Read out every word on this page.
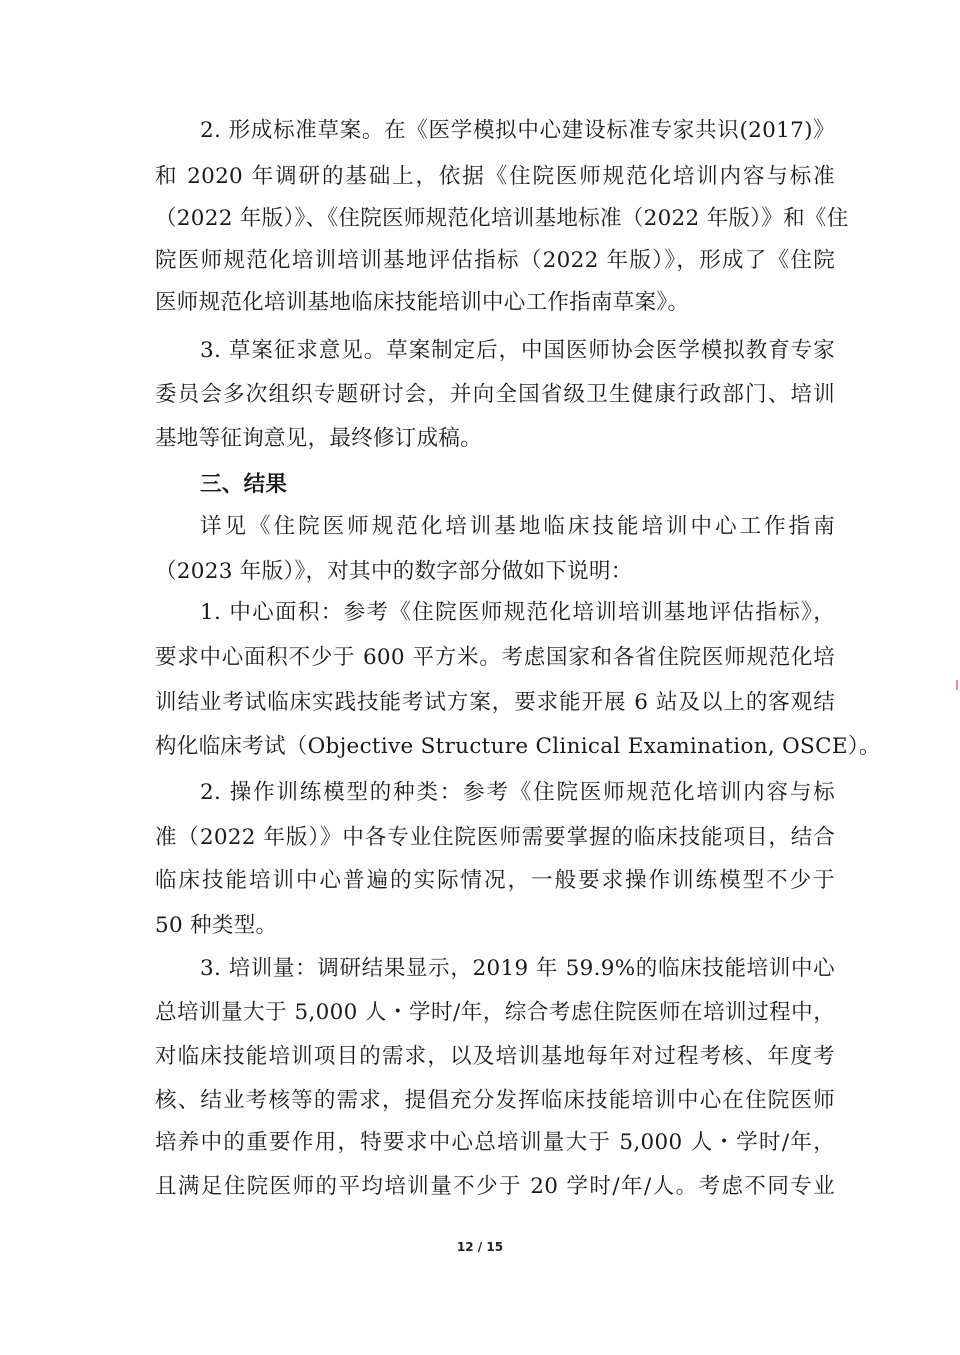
2. 形成标准草案。在《医学模拟中心建设标准专家共识(2017)》
和 2020 年调研的基础上，依据《住院医师规范化培训内容与标准
（2022 年版）》、《住院医师规范化培训基地标准（2022 年版）》和《住
院医师规范化培训培训基地评估指标（2022 年版）》，形成了《住院
医师规范化培训基地临床技能培训中心工作指南草案》。
3. 草案征求意见。草案制定后，中国医师协会医学模拟教育专家
委员会多次组织专题研讨会，并向全国省级卫生健康行政部门、培训
基地等征询意见，最终修订成稿。
三、结果
详见《住院医师规范化培训基地临床技能培训中心工作指南
（2023 年版）》，对其中的数字部分做如下说明：
1. 中心面积：参考《住院医师规范化培训培训基地评估指标》，
要求中心面积不少于 600 平方米。考虑国家和各省住院医师规范化培
训结业考试临床实践技能考试方案，要求能开展 6 站及以上的客观结
构化临床考试（Objective Structure Clinical Examination, OSCE）。
2. 操作训练模型的种类：参考《住院医师规范化培训内容与标
准（2022 年版）》中各专业住院医师需要掌握的临床技能项目，结合
临床技能培训中心普遍的实际情况，一般要求操作训练模型不少于
50 种类型。
3. 培训量：调研结果显示，2019 年 59.9%的临床技能培训中心
总培训量大于 5,000 人・学时/年，综合考虑住院医师在培训过程中，
对临床技能培训项目的需求，以及培训基地每年对过程考核、年度考
核、结业考核等的需求，提倡充分发挥临床技能培训中心在住院医师
培养中的重要作用，特要求中心总培训量大于 5,000 人・学时/年，
且满足住院医师的平均培训量不少于 20 学时/年/人。考虑不同专业
12 / 15
